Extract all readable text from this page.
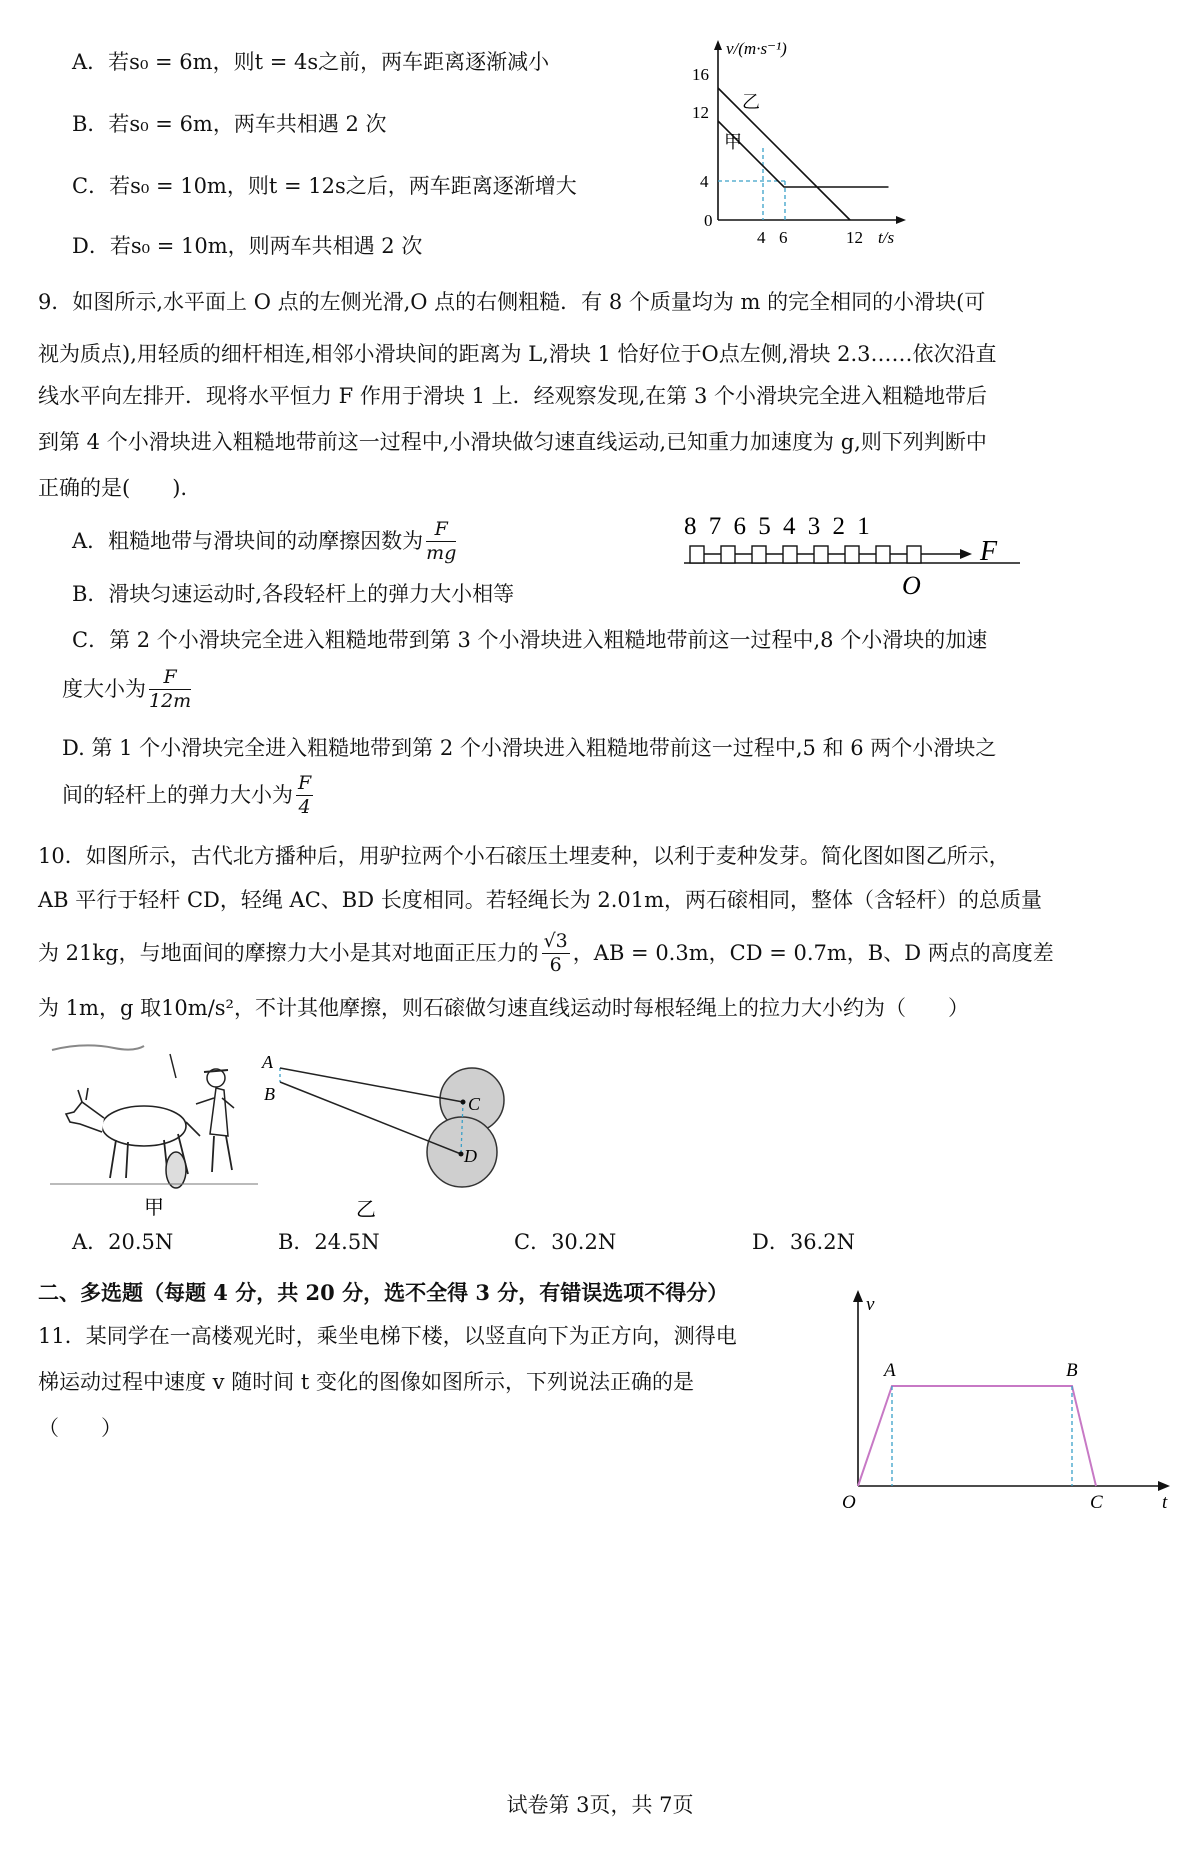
A．若s₀ = 6m，则t = 4s之前，两车距离逐渐减小
B．若s₀ = 6m，两车共相遇 2 次
C．若s₀ = 10m，则t = 12s之后，两车距离逐渐增大
D．若s₀ = 10m，则两车共相遇 2 次
v/(m·s⁻¹)
16
12
4
0
4 6	12 t/s
乙
甲
9．如图所示,水平面上 O 点的左侧光滑,O 点的右侧粗糙．有 8 个质量均为 m 的完全相同的小滑块(可
视为质点),用轻质的细杆相连,相邻小滑块间的距离为 L,滑块 1 恰好位于O点左侧,滑块 2.3……依次沿直
线水平向左排开．现将水平恒力 F 作用于滑块 1 上．经观察发现,在第 3 个小滑块完全进入粗糙地带后
到第 4 个小滑块进入粗糙地带前这一过程中,小滑块做匀速直线运动,已知重力加速度为 g,则下列判断中
正确的是(　　).
A．粗糙地带与滑块间的动摩擦因数为 $\frac{F}{mg}$
B．滑块匀速运动时,各段轻杆上的弹力大小相等
C．第 2 个小滑块完全进入粗糙地带到第 3 个小滑块进入粗糙地带前这一过程中,8 个小滑块的加速
度大小为 $\frac{F}{12m}$
D. 第 1 个小滑块完全进入粗糙地带到第 2 个小滑块进入粗糙地带前这一过程中,5 和 6 两个小滑块之
间的轻杆上的弹力大小为 $\frac{F}{4}$
8 7 6 5 4 3 2 1
F
O
10．如图所示，古代北方播种后，用驴拉两个小石磙压土埋麦种，以利于麦种发芽。简化图如图乙所示，
AB 平行于轻杆 CD，轻绳 AC、BD 长度相同。若轻绳长为 2.01m，两石磙相同，整体（含轻杆）的总质量
为 21kg，与地面间的摩擦力大小是其对地面正压力的 $\frac{√3}{6}$ ，AB = 0.3m，CD = 0.7m，B、D 两点的高度差
为 1m，g 取10m/s²，不计其他摩擦，则石磙做匀速直线运动时每根轻绳上的拉力大小约为（　　）
甲
A
B	C
D
乙
A．20.5N	B．24.5N	C．30.2N	D．36.2N
二、多选题（每题 4 分，共 20 分，选不全得 3 分，有错误选项不得分）
11．某同学在一高楼观光时，乘坐电梯下楼，以竖直向下为正方向，测得电
梯运动过程中速度 v 随时间 t 变化的图像如图所示，下列说法正确的是
（　　）
v
t
O
A	B
C
试卷第 3页，共 7页
